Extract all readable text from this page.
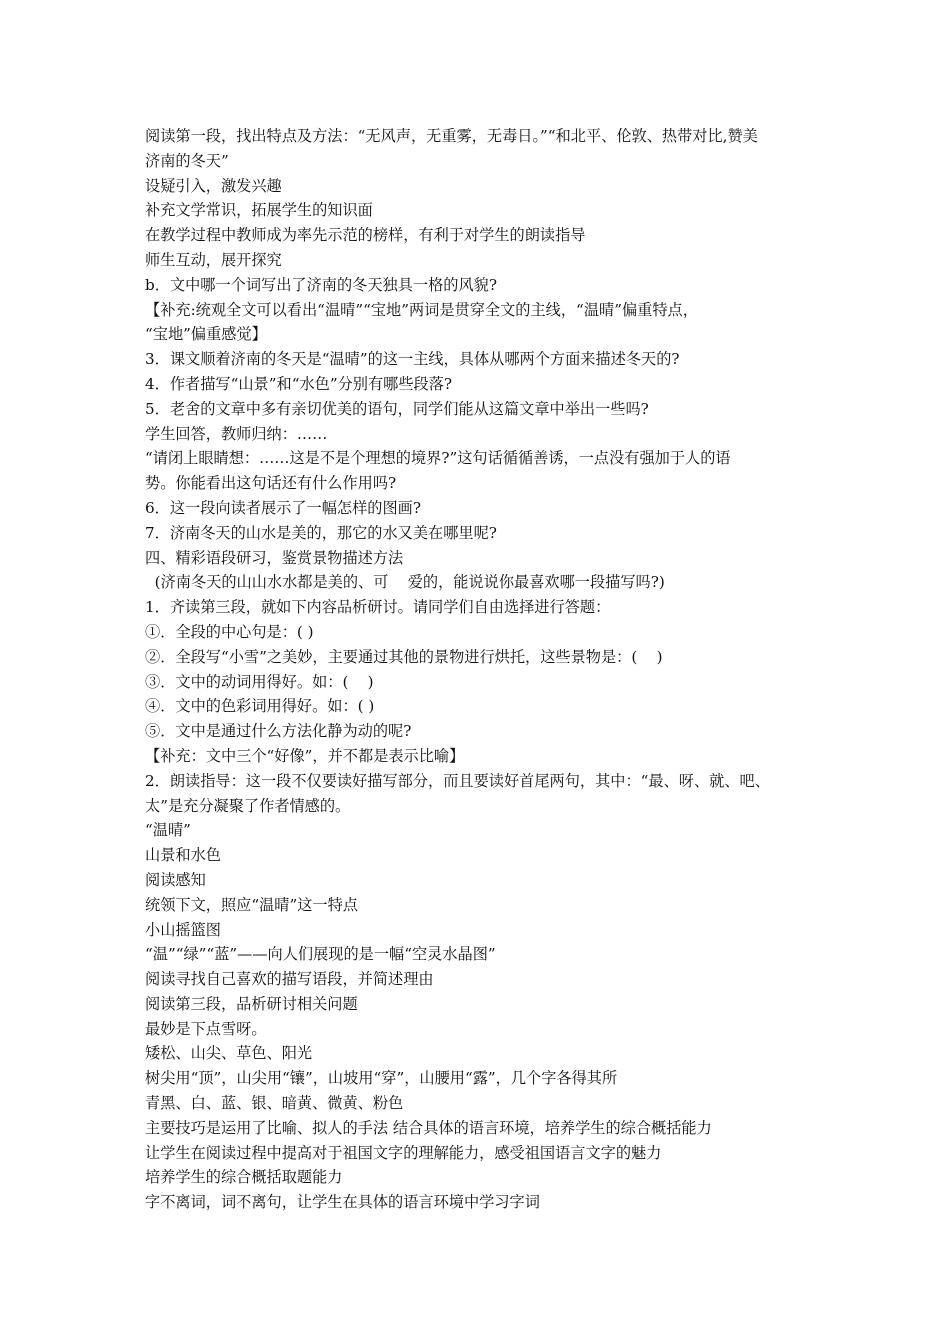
阅读第一段，找出特点及方法：“无风声，无重雾，无毒日。”“和北平、伦敦、热带对比,赞美
济南的冬天”
设疑引入，激发兴趣
补充文学常识，拓展学生的知识面
在教学过程中教师成为率先示范的榜样，有利于对学生的朗读指导
师生互动，展开探究
b．文中哪一个词写出了济南的冬天独具一格的风貌?
【补充:统观全文可以看出“温晴”“宝地”两词是贯穿全文的主线，“温晴”偏重特点，
“宝地”偏重感觉】
3．课文顺着济南的冬天是“温晴”的这一主线，具体从哪两个方面来描述冬天的?
4．作者描写“山景”和“水色”分别有哪些段落?
5．老舍的文章中多有亲切优美的语句，同学们能从这篇文章中举出一些吗?
学生回答，教师归纳：……
“请闭上眼睛想：……这是不是个理想的境界?”这句话循循善诱，一点没有强加于人的语
势。你能看出这句话还有什么作用吗?
6．这一段向读者展示了一幅怎样的图画?
7．济南冬天的山水是美的，那它的水又美在哪里呢?
四、精彩语段研习，鉴赏景物描述方法
(济南冬天的山山水水都是美的、可    爱的，能说说你最喜欢哪一段描写吗?)
1．齐读第三段，就如下内容品析研讨。请同学们自由选择进行答题：
①．全段的中心句是：( )
②．全段写“小雪”之美妙，主要通过其他的景物进行烘托，这些景物是：(    )
③．文中的动词用得好。如：(    )
④．文中的色彩词用得好。如：( )
⑤．文中是通过什么方法化静为动的呢?
【补充：文中三个“好像”，并不都是表示比喻】
2．朗读指导：这一段不仅要读好描写部分，而且要读好首尾两句，其中：“最、呀、就、吧、
太”是充分凝聚了作者情感的。
“温晴”
山景和水色
阅读感知
统领下文，照应“温晴”这一特点
小山摇篮图
“温”“绿”“蓝”——向人们展现的是一幅“空灵水晶图”
阅读寻找自己喜欢的描写语段，并简述理由
阅读第三段，品析研讨相关问题
最妙是下点雪呀。
矮松、山尖、草色、阳光
树尖用“顶”，山尖用“镶”，山坡用“穿”，山腰用“露”，几个字各得其所
青黑、白、蓝、银、暗黄、微黄、粉色
主要技巧是运用了比喻、拟人的手法 结合具体的语言环境，培养学生的综合概括能力
让学生在阅读过程中提高对于祖国文字的理解能力，感受祖国语言文字的魅力
培养学生的综合概括取题能力
字不离词，词不离句，让学生在具体的语言环境中学习字词
